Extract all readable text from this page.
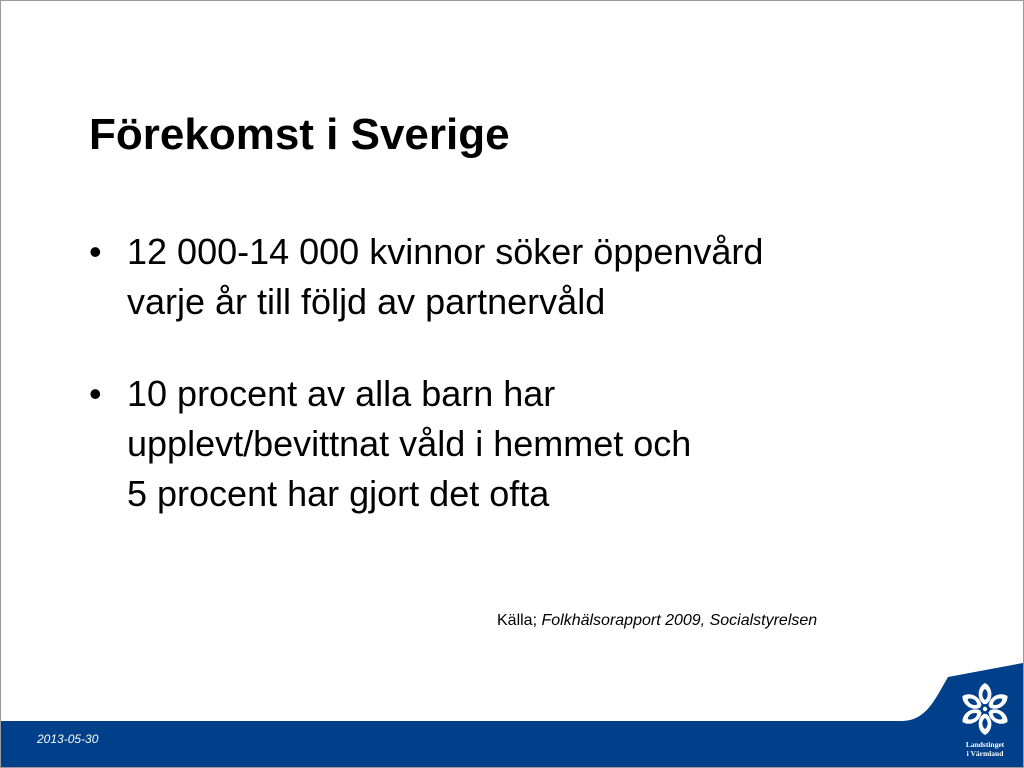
Förekomst i Sverige
• 12 000-14 000 kvinnor söker öppenvård
varje år till följd av partnervåld
• 10 procent av alla barn har
upplevt/bevittnat våld i hemmet och
5 procent har gjort det ofta
Källa; Folkhälsorapport 2009, Socialstyrelsen
2013-05-30	Landstinget
i Värmland
